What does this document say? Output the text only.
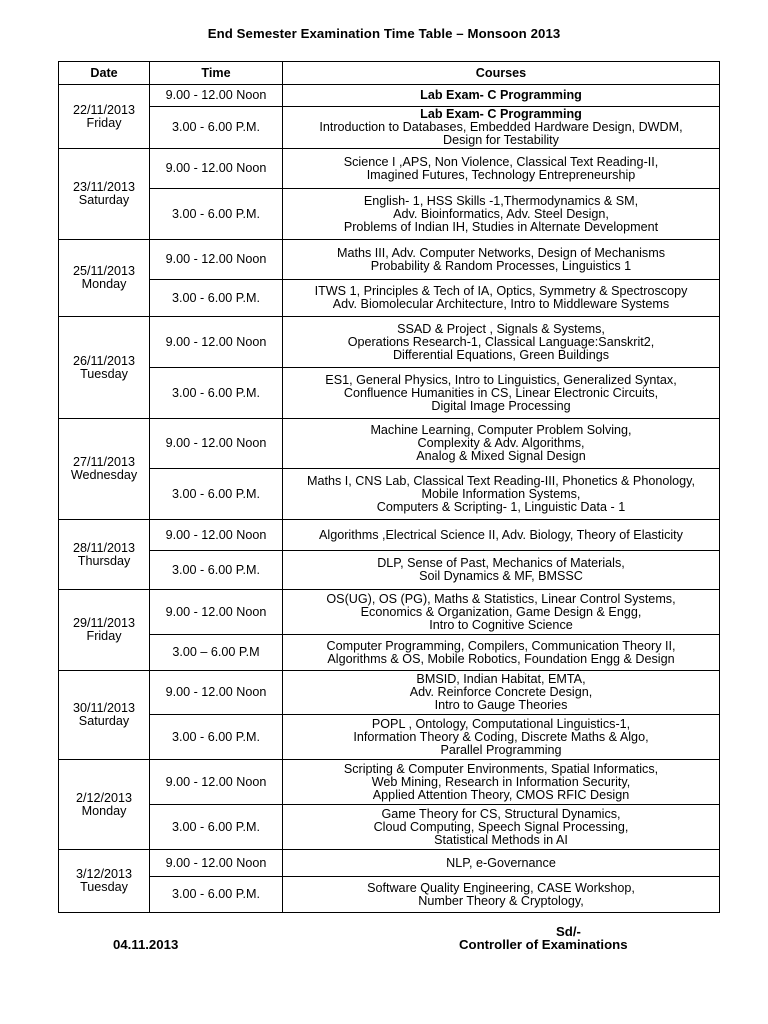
End Semester Examination Time Table – Monsoon 2013
Date	Time	Courses

22/11/2013
Friday	9.00 - 12.00 Noon	Lab Exam- C Programming

	3.00 - 6.00 P.M.	Lab Exam- C Programming
Introduction to Databases, Embedded Hardware Design, DWDM,
Design for Testability

23/11/2013
Saturday	9.00 - 12.00 Noon	Science I ,APS, Non Violence, Classical Text Reading-II,
Imagined Futures, Technology Entrepreneurship

	3.00 - 6.00 P.M.	English- 1, HSS Skills -1,Thermodynamics & SM,
Adv. Bioinformatics, Adv. Steel Design,
Problems of Indian IH, Studies in Alternate Development

25/11/2013
Monday	9.00 - 12.00 Noon	Maths III, Adv. Computer Networks, Design of Mechanisms
Probability & Random Processes, Linguistics 1

	3.00 - 6.00 P.M.	ITWS 1, Principles & Tech of IA, Optics, Symmetry & Spectroscopy
Adv. Biomolecular Architecture, Intro to Middleware Systems

26/11/2013
Tuesday	9.00 - 12.00 Noon	SSAD & Project , Signals & Systems,
Operations Research-1, Classical Language:Sanskrit2,
Differential Equations, Green Buildings

	3.00 - 6.00 P.M.	ES1, General Physics, Intro to Linguistics, Generalized Syntax,
Confluence Humanities in CS, Linear Electronic Circuits,
Digital Image Processing

27/11/2013
Wednesday	9.00 - 12.00 Noon	Machine Learning, Computer Problem Solving,
Complexity & Adv. Algorithms,
Analog & Mixed Signal Design

	3.00 - 6.00 P.M.	Maths I, CNS Lab, Classical Text Reading-III, Phonetics & Phonology,
Mobile Information Systems,
Computers & Scripting- 1, Linguistic Data - 1

28/11/2013
Thursday	9.00 - 12.00 Noon	Algorithms ,Electrical Science II, Adv. Biology, Theory of Elasticity

	3.00 - 6.00 P.M.	DLP, Sense of Past, Mechanics of Materials,
Soil Dynamics & MF, BMSSC

29/11/2013
Friday	9.00 - 12.00 Noon	OS(UG), OS (PG), Maths & Statistics, Linear Control Systems,
Economics & Organization, Game Design & Engg,
Intro to Cognitive Science

	3.00 – 6.00 P.M	Computer Programming, Compilers, Communication Theory II,
Algorithms & OS, Mobile Robotics, Foundation Engg & Design

30/11/2013
Saturday	9.00 - 12.00 Noon	BMSID, Indian Habitat, EMTA,
Adv. Reinforce Concrete Design,
Intro to Gauge Theories

	3.00 - 6.00 P.M.	POPL , Ontology, Computational Linguistics-1,
Information Theory & Coding, Discrete Maths & Algo,
Parallel Programming

2/12/2013
Monday	9.00 - 12.00 Noon	Scripting & Computer Environments, Spatial Informatics,
Web Mining, Research in Information Security,
Applied Attention Theory, CMOS RFIC Design

	3.00 - 6.00 P.M.	Game Theory for CS, Structural Dynamics,
Cloud Computing, Speech Signal Processing,
Statistical Methods in AI

3/12/2013
Tuesday	9.00 - 12.00 Noon	NLP, e-Governance

	3.00 - 6.00 P.M.	Software Quality Engineering, CASE Workshop,
Number Theory & Cryptology,
Sd/-
04.11.2013	Controller of Examinations
